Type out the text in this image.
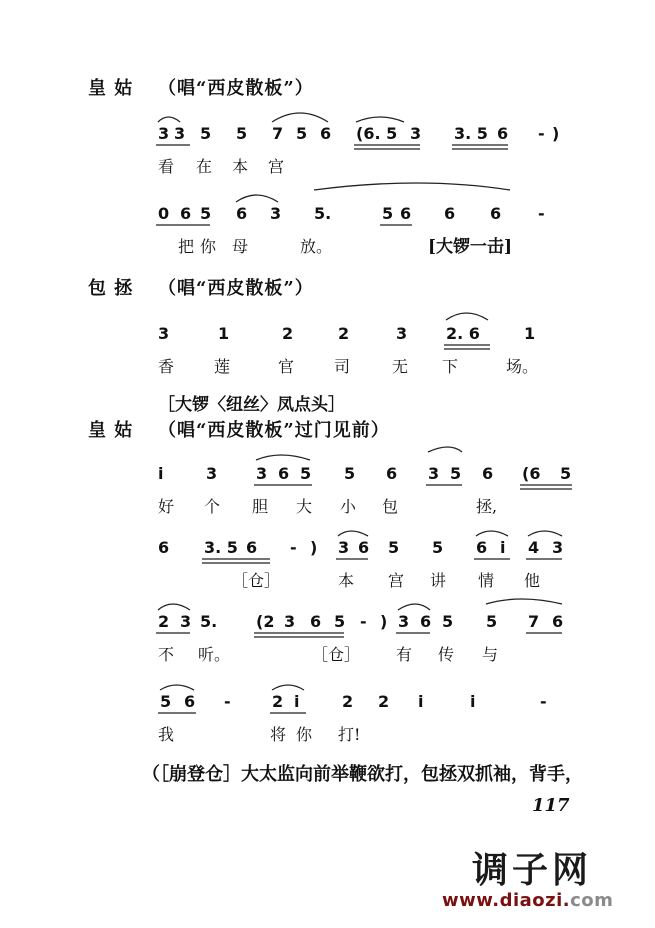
皇 姑 （唱“西皮散板”）
3 3 5 5 7 5 6 (6. 5 3 3. 5 6 - )
看 在 本 宫
0 6 5 6 3 5.	5 6 6 6 -
把 你 母	放。	[大锣一击]
包 拯 （唱“西皮散板”）
3	1	2	2	3 2. 6	1
香 莲	官 司	无 下	场。
［大锣〈纽丝〉凤点头］
皇 姑 （唱“西皮散板”过门见前）
i	3 3 6 5 5 6 3 5 6 (6 5
好 个 胆 大 小 包	拯,
6 3. 5 6 - ) 3 6 5 5 6 i 4 3
［仓］	本 宫 讲 情 他
2 3 5. (2 3 6 5 - ) 3 6 5 5 7 6
不 听。	［仓］ 有 传 与
5 6 -	2 i	2 2 i	i	-
我	将 你 打!
（［崩登仓］大太监向前举鞭欲打，包拯双抓袖，背手，
117
调子网
www.diaozi.com
